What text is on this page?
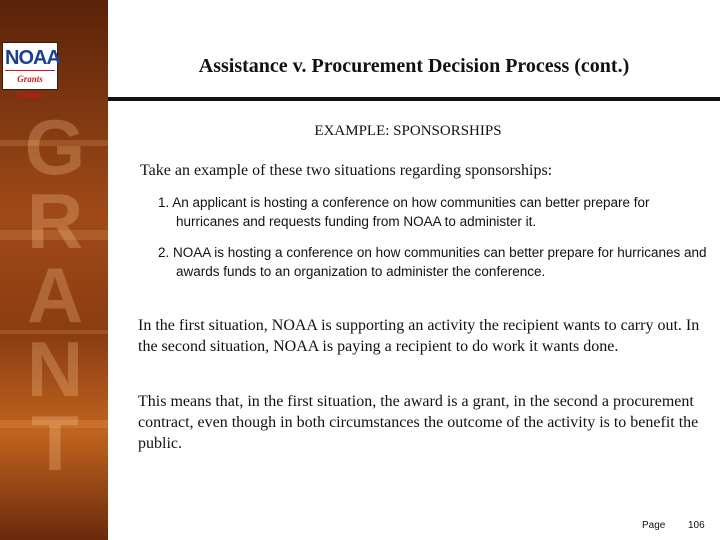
G
R
A
N
T
NOAA
Grants Online
Assistance v. Procurement Decision Process (cont.)
EXAMPLE: SPONSORSHIPS
Take an example of these two situations regarding sponsorships:
1. An applicant is hosting a conference on how communities can better prepare for hurricanes and requests funding from NOAA to administer it.
2. NOAA is hosting a conference on how communities can better prepare for hurricanes and awards funds to an organization to administer the conference.
In the first situation, NOAA is supporting an activity the recipient wants to carry out. In the second situation, NOAA is paying a recipient to do work it wants done.
This means that, in the first situation, the award is a grant, in the second a procurement contract, even though in both circumstances the outcome of the activity is to benefit the public.
Page 106
